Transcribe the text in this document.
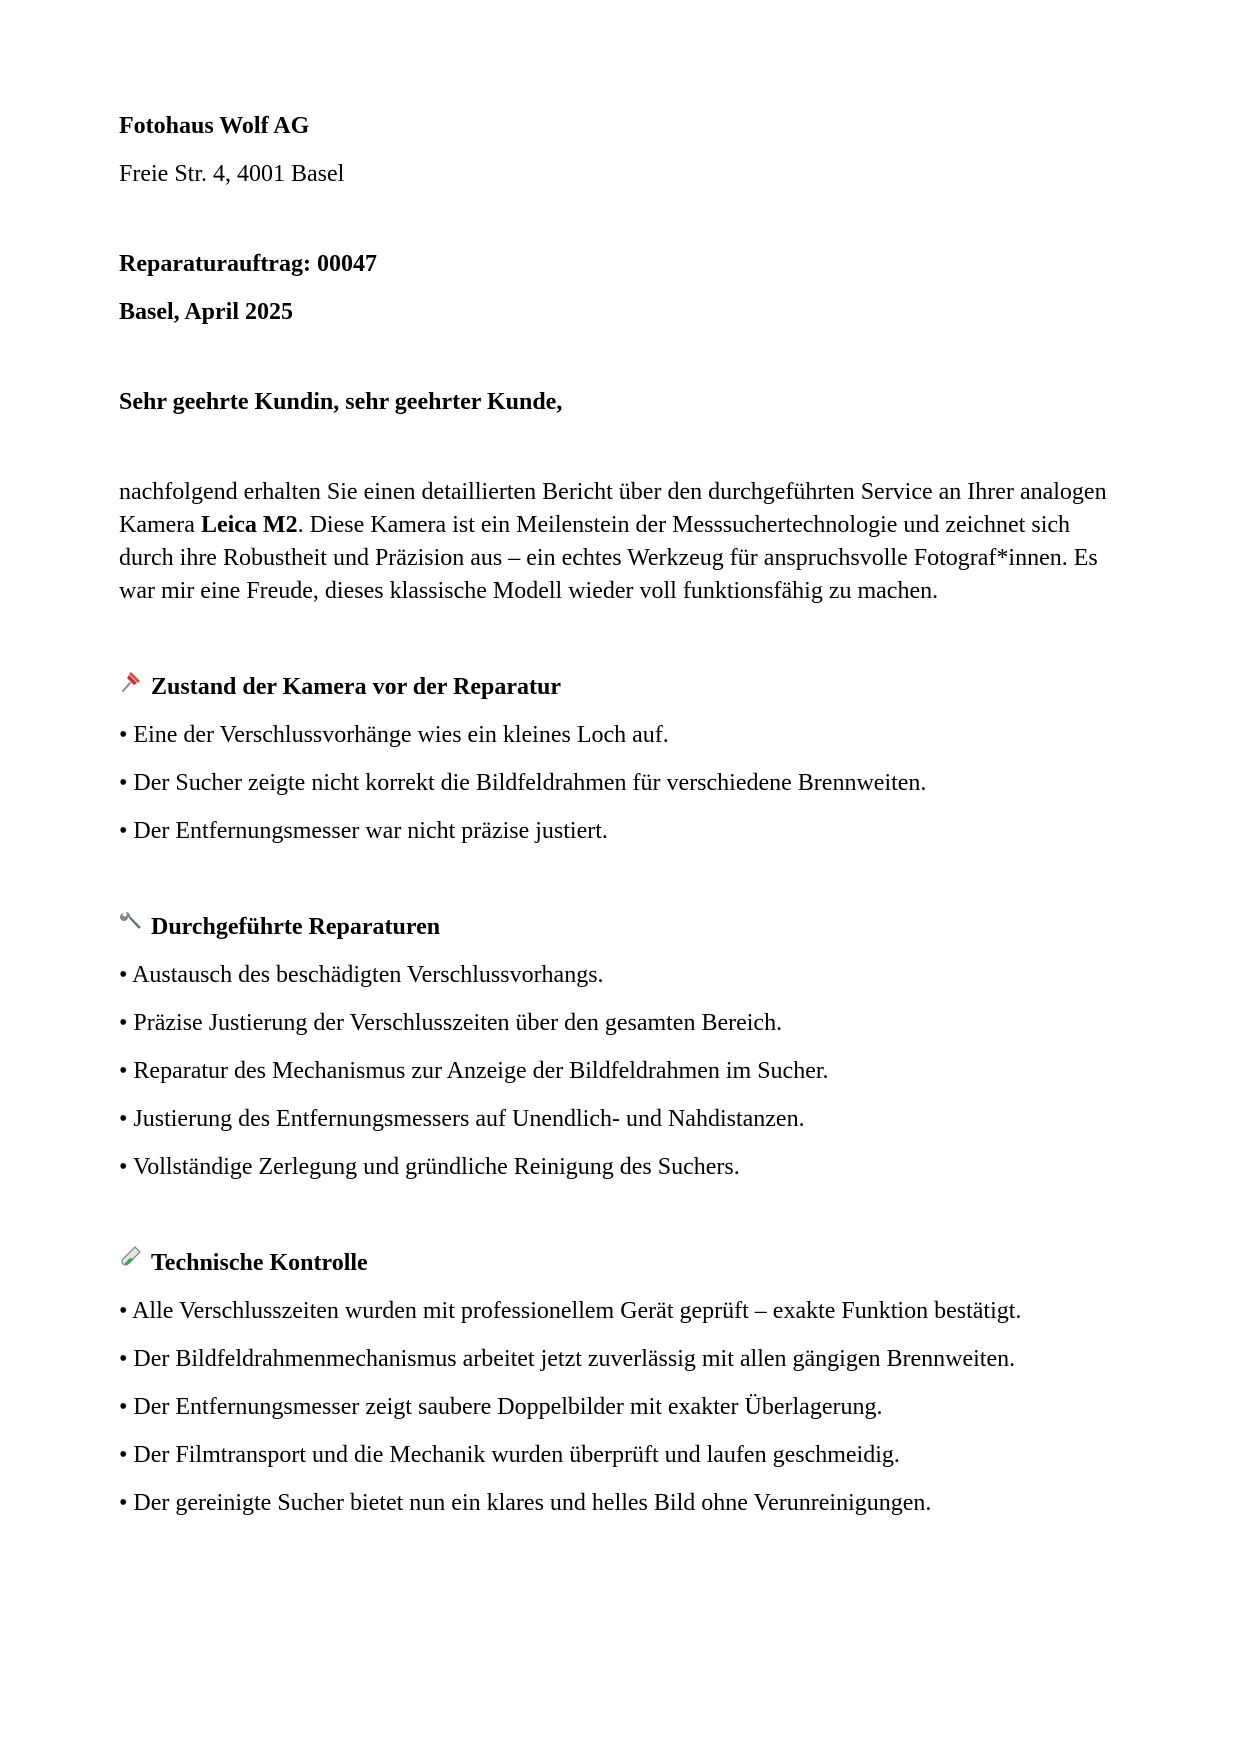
Fotohaus Wolf AG

Freie Str. 4, 4001 Basel

Reparaturauftrag: 00047

Basel, April 2025

Sehr geehrte Kundin, sehr geehrter Kunde,

nachfolgend erhalten Sie einen detaillierten Bericht über den durchgeführten Service an Ihrer analogen Kamera Leica M2. Diese Kamera ist ein Meilenstein der Messsuchertechnologie und zeichnet sich durch ihre Robustheit und Präzision aus – ein echtes Werkzeug für anspruchsvolle Fotograf*innen. Es war mir eine Freude, dieses klassische Modell wieder voll funktionsfähig zu machen.

Zustand der Kamera vor der Reparatur
• Eine der Verschlussvorhänge wies ein kleines Loch auf.
• Der Sucher zeigte nicht korrekt die Bildfeldrahmen für verschiedene Brennweiten.
• Der Entfernungsmesser war nicht präzise justiert.
Durchgeführte Reparaturen
• Austausch des beschädigten Verschlussvorhangs.
• Präzise Justierung der Verschlusszeiten über den gesamten Bereich.
• Reparatur des Mechanismus zur Anzeige der Bildfeldrahmen im Sucher.
• Justierung des Entfernungsmessers auf Unendlich- und Nahdistanzen.
• Vollständige Zerlegung und gründliche Reinigung des Suchers.
Technische Kontrolle
• Alle Verschlusszeiten wurden mit professionellem Gerät geprüft – exakte Funktion bestätigt.
• Der Bildfeldrahmenmechanismus arbeitet jetzt zuverlässig mit allen gängigen Brennweiten.
• Der Entfernungsmesser zeigt saubere Doppelbilder mit exakter Überlagerung.
• Der Filmtransport und die Mechanik wurden überprüft und laufen geschmeidig.
• Der gereinigte Sucher bietet nun ein klares und helles Bild ohne Verunreinigungen.
